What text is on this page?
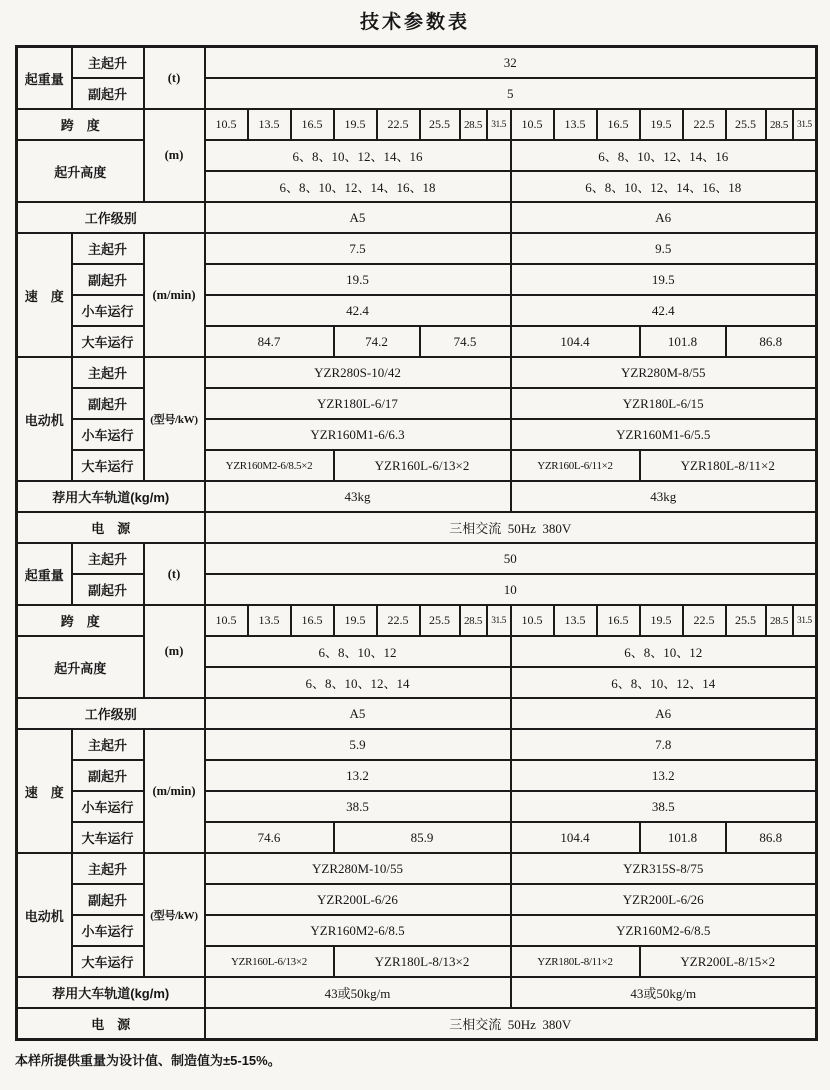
技术参数表
起重量	主起升	(t)	32															
	副起升		5															
跨　度		(m)	10.5	13.5	16.5	19.5	22.5	25.5	28.5	31.5	10.5	13.5	16.5	19.5	22.5	25.5	28.5	31.5
起升高度			6、8、10、12、14、16								6、8、10、12、14、16							
			6、8、10、12、14、16、18								6、8、10、12、14、16、18							
工作级别			A5								A6							
速　度	主起升	(m/min)	7.5								9.5							
	副起升		19.5								19.5							
	小车运行		42.4								42.4							
	大车运行		84.7			74.2		74.5			104.4			101.8		86.8		
电动机	主起升	(型号/kW)	YZR280S-10/42								YZR280M-8/55							
	副起升		YZR180L-6/17								YZR180L-6/15							
	小车运行		YZR160M1-6/6.3								YZR160M1-6/5.5							
	大车运行		YZR160M2-6/8.5×2			YZR160L-6/13×2					YZR160L-6/11×2			YZR180L-8/11×2				
荐用大车轨道(kg/m)			43kg								43kg							
电　源			三相交流  50Hz  380V															
起重量	主起升	(t)	50															
	副起升		10															
跨　度		(m)	10.5	13.5	16.5	19.5	22.5	25.5	28.5	31.5	10.5	13.5	16.5	19.5	22.5	25.5	28.5	31.5
起升高度			6、8、10、12								6、8、10、12							
			6、8、10、12、14								6、8、10、12、14							
工作级别			A5								A6							
速　度	主起升	(m/min)	5.9								7.8							
	副起升		13.2								13.2							
	小车运行		38.5								38.5							
	大车运行		74.6			85.9					104.4			101.8		86.8		
电动机	主起升	(型号/kW)	YZR280M-10/55								YZR315S-8/75							
	副起升		YZR200L-6/26								YZR200L-6/26							
	小车运行		YZR160M2-6/8.5								YZR160M2-6/8.5							
	大车运行		YZR160L-6/13×2			YZR180L-8/13×2					YZR180L-8/11×2			YZR200L-8/15×2				
荐用大车轨道(kg/m)			43或50kg/m								43或50kg/m							
电　源			三相交流  50Hz  380V															
本样所提供重量为设计值、制造值为±5-15%。
